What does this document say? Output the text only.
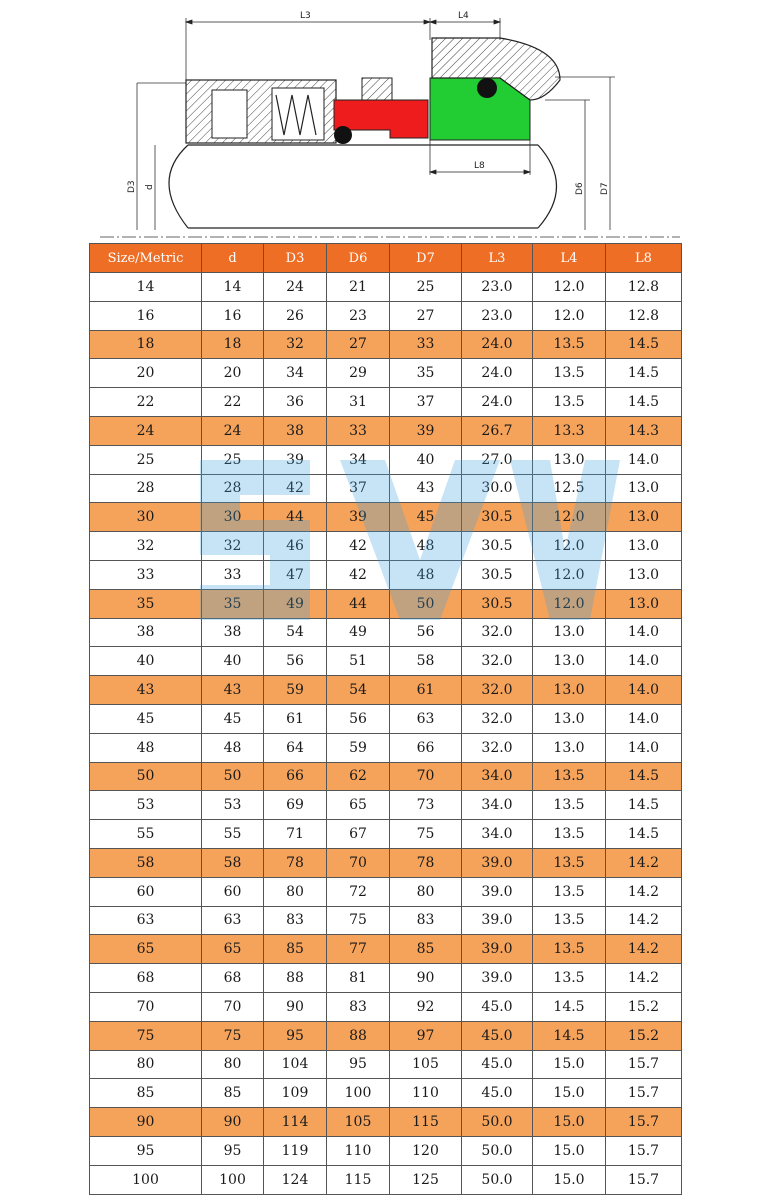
L3	L4
L8
D3 d	D6 D7
Size/Metric	d	D3	D6	D7	L3	L4	L8
14	14	24	21	25	23.0	12.0	12.8
16	16	26	23	27	23.0	12.0	12.8
18	18	32	27	33	24.0	13.5	14.5
20	20	34	29	35	24.0	13.5	14.5
22	22	36	31	37	24.0	13.5	14.5
24	24	38	33	39	26.7	13.3	14.3
25	25	39	34	40	27.0	13.0	14.0
28	28	42	37	43	30.0	12.5	13.0
30	30	44	39	45	30.5	12.0	13.0
32	32	46	42	48	30.5	12.0	13.0
33	33	47	42	48	30.5	12.0	13.0
35	35	49	44	50	30.5	12.0	13.0
38	38	54	49	56	32.0	13.0	14.0
40	40	56	51	58	32.0	13.0	14.0
43	43	59	54	61	32.0	13.0	14.0
45	45	61	56	63	32.0	13.0	14.0
48	48	64	59	66	32.0	13.0	14.0
50	50	66	62	70	34.0	13.5	14.5
53	53	69	65	73	34.0	13.5	14.5
55	55	71	67	75	34.0	13.5	14.5
58	58	78	70	78	39.0	13.5	14.2
60	60	80	72	80	39.0	13.5	14.2
63	63	83	75	83	39.0	13.5	14.2
65	65	85	77	85	39.0	13.5	14.2
68	68	88	81	90	39.0	13.5	14.2
70	70	90	83	92	45.0	14.5	15.2
75	75	95	88	97	45.0	14.5	15.2
80	80	104	95	105	45.0	15.0	15.7
85	85	109	100	110	45.0	15.0	15.7
90	90	114	105	115	50.0	15.0	15.7
95	95	119	110	120	50.0	15.0	15.7
100	100	124	115	125	50.0	15.0	15.7
